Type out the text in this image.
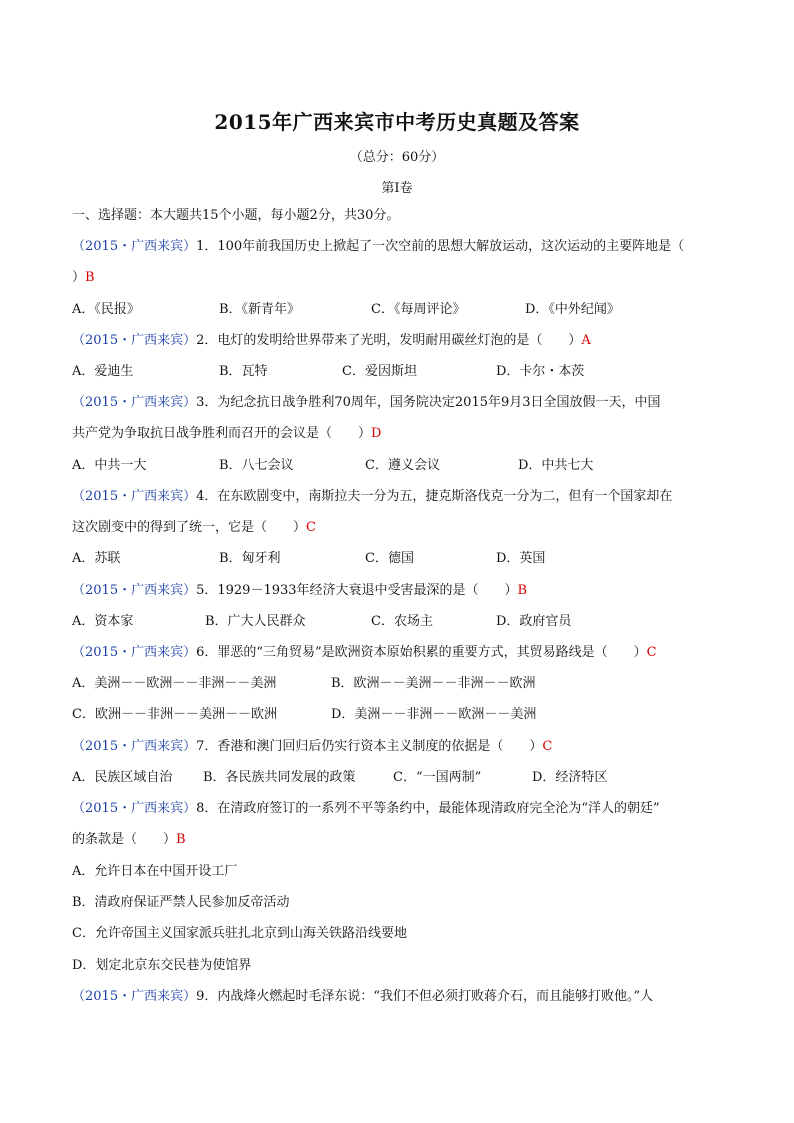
2015年广西来宾市中考历史真题及答案
（总分：60分）
第Ⅰ卷
一、选择题：本大题共15个小题，每小题2分，共30分。
（2015・广西来宾）1．100年前我国历史上掀起了一次空前的思想大解放运动，这次运动的主要阵地是（
）B
A．《民报》	B．《新青年》	C．《每周评论》	D．《中外纪闻》
（2015・广西来宾）2．电灯的发明给世界带来了光明，发明耐用碳丝灯泡的是（　　）A
A．爱迪生	B．瓦特	C．爱因斯坦	D．卡尔・本茨
（2015・广西来宾）3．为纪念抗日战争胜利70周年，国务院决定2015年9月3日全国放假一天，中国
共产党为争取抗日战争胜利而召开的会议是（　　）D
A．中共一大	B．八七会议	C．遵义会议	D．中共七大
（2015・广西来宾）4．在东欧剧变中，南斯拉夫一分为五，捷克斯洛伐克一分为二，但有一个国家却在
这次剧变中的得到了统一，它是（　　）C
A．苏联	B．匈牙利	C．德国	D．英国
（2015・广西来宾）5．1929－1933年经济大衰退中受害最深的是（　　）B
A．资本家	B．广大人民群众	C．农场主	D．政府官员
（2015・广西来宾）6．罪恶的“三角贸易”是欧洲资本原始积累的重要方式，其贸易路线是（　　）C
A．美洲－－欧洲－－非洲－－美洲	B．欧洲－－美洲－－非洲－－欧洲
C．欧洲－－非洲－－美洲－－欧洲	D．美洲－－非洲－－欧洲－－美洲
（2015・广西来宾）7．香港和澳门回归后仍实行资本主义制度的依据是（　　）C
A．民族区域自治 B．各民族共同发展的政策	C．“一国两制”	D．经济特区
（2015・广西来宾）8．在清政府签订的一系列不平等条约中，最能体现清政府完全沦为“洋人的朝廷”
的条款是（　　）B
A．允许日本在中国开设工厂
B．清政府保证严禁人民参加反帝活动
C．允许帝国主义国家派兵驻扎北京到山海关铁路沿线要地
D．划定北京东交民巷为使馆界
（2015・广西来宾）9．内战烽火燃起时毛泽东说：“我们不但必须打败蒋介石，而且能够打败他。”人
